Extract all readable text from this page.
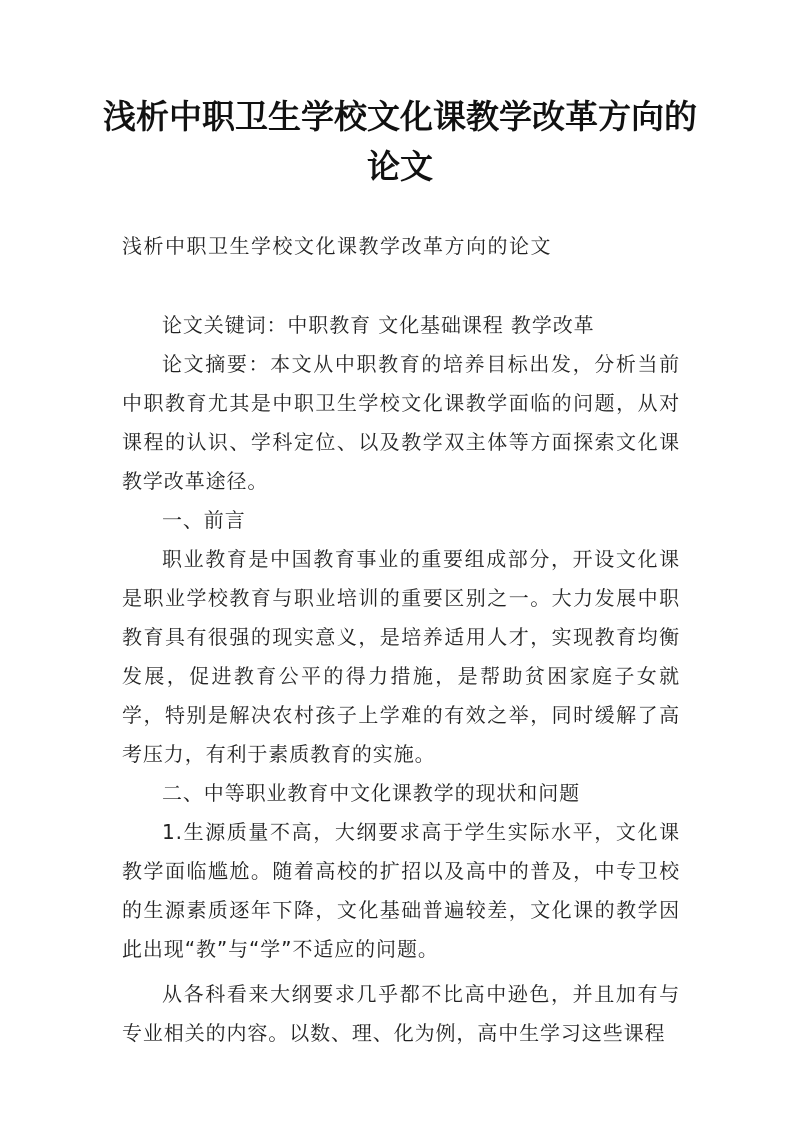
浅析中职卫生学校文化课教学改革方向的论文
浅析中职卫生学校文化课教学改革方向的论文

论文关键词：中职教育 文化基础课程 教学改革

论文摘要：本文从中职教育的培养目标出发，分析当前中职教育尤其是中职卫生学校文化课教学面临的问题，从对课程的认识、学科定位、以及教学双主体等方面探索文化课教学改革途径。

一、前言

职业教育是中国教育事业的重要组成部分，开设文化课是职业学校教育与职业培训的重要区别之一。大力发展中职教育具有很强的现实意义，是培养适用人才，实现教育均衡发展，促进教育公平的得力措施，是帮助贫困家庭子女就学，特别是解决农村孩子上学难的有效之举，同时缓解了高考压力，有利于素质教育的实施。

二、中等职业教育中文化课教学的现状和问题

1.生源质量不高，大纲要求高于学生实际水平，文化课教学面临尴尬。随着高校的扩招以及高中的普及，中专卫校的生源素质逐年下降，文化基础普遍较差，文化课的教学因此出现“教”与“学”不适应的问题。

从各科看来大纲要求几乎都不比高中逊色，并且加有与专业相关的内容。以数、理、化为例，高中生学习这些课程
